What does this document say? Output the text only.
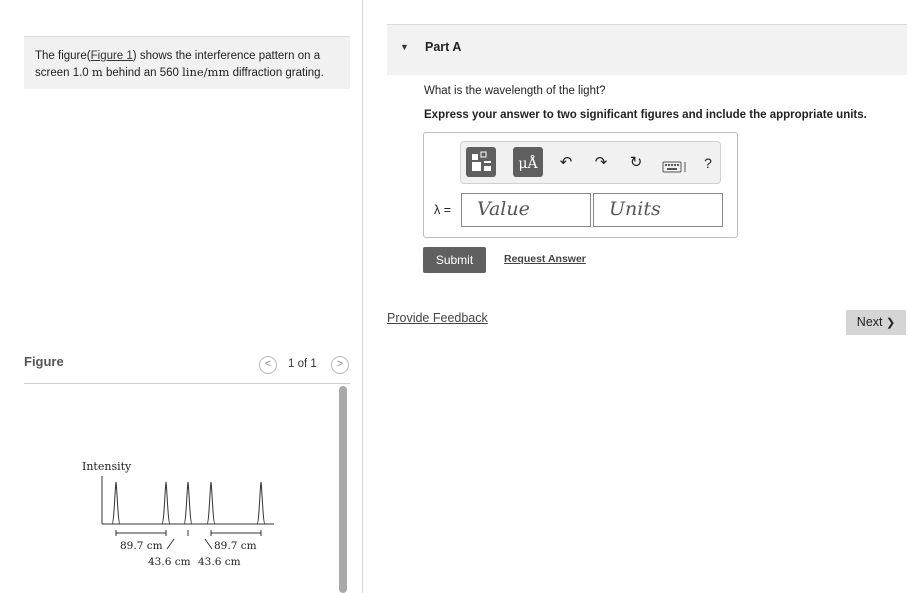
The figure(Figure 1) shows the interference pattern on a screen 1.0 m behind an 560 line/mm diffraction grating.
Figure	<	1 of 1	>
Intensity
89.7 cm	89.7 cm
43.6 cm 43.6 cm
▼ Part A
What is the wavelength of the light?
Express your answer to two significant figures and include the appropriate units.
μÅ ↶ ↷ ↻	?
λ =	Value	Units
Submit	Request Answer
Provide Feedback	Next ❯
